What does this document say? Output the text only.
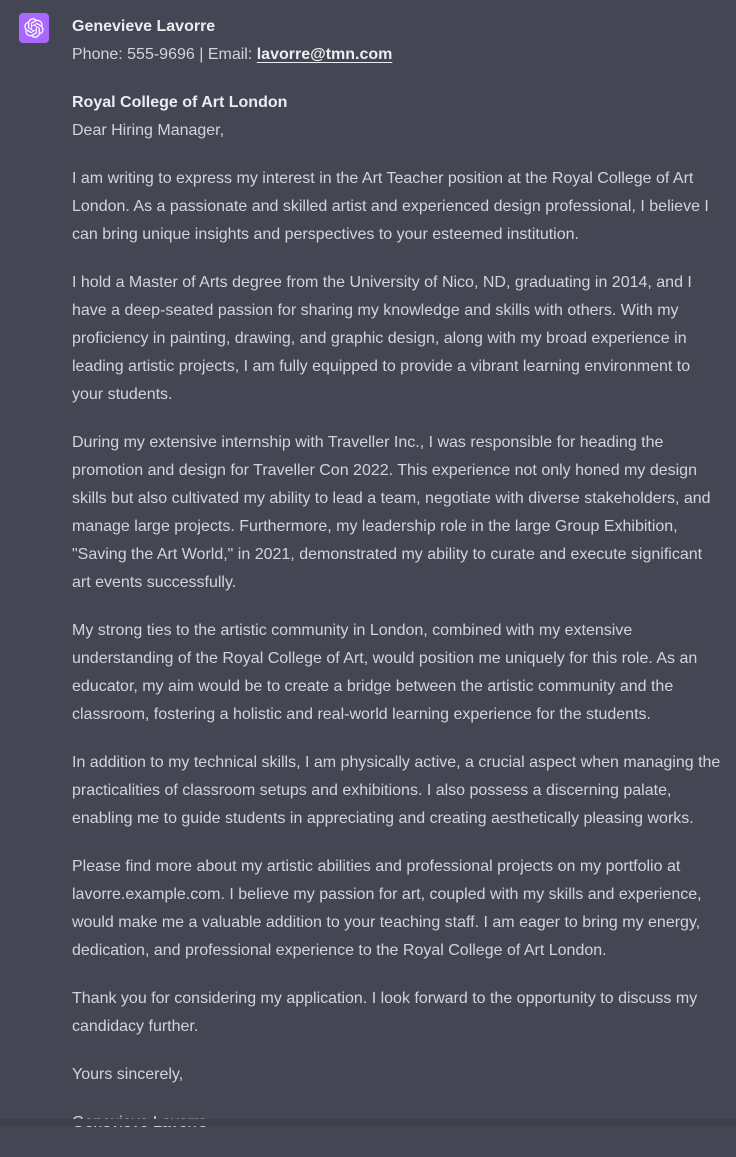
Genevieve Lavorre
Phone: 555-9696 | Email: lavorre@tmn.com

Royal College of Art London
Dear Hiring Manager,

I am writing to express my interest in the Art Teacher position at the Royal College of Art London. As a passionate and skilled artist and experienced design professional, I believe I can bring unique insights and perspectives to your esteemed institution.

I hold a Master of Arts degree from the University of Nico, ND, graduating in 2014, and I have a deep-seated passion for sharing my knowledge and skills with others. With my proficiency in painting, drawing, and graphic design, along with my broad experience in leading artistic projects, I am fully equipped to provide a vibrant learning environment to your students.

During my extensive internship with Traveller Inc., I was responsible for heading the promotion and design for Traveller Con 2022. This experience not only honed my design skills but also cultivated my ability to lead a team, negotiate with diverse stakeholders, and manage large projects. Furthermore, my leadership role in the large Group Exhibition, "Saving the Art World," in 2021, demonstrated my ability to curate and execute significant art events successfully.

My strong ties to the artistic community in London, combined with my extensive understanding of the Royal College of Art, would position me uniquely for this role. As an educator, my aim would be to create a bridge between the artistic community and the classroom, fostering a holistic and real-world learning experience for the students.

In addition to my technical skills, I am physically active, a crucial aspect when managing the practicalities of classroom setups and exhibitions. I also possess a discerning palate, enabling me to guide students in appreciating and creating aesthetically pleasing works.

Please find more about my artistic abilities and professional projects on my portfolio at lavorre.example.com. I believe my passion for art, coupled with my skills and experience, would make me a valuable addition to your teaching staff. I am eager to bring my energy, dedication, and professional experience to the Royal College of Art London.

Thank you for considering my application. I look forward to the opportunity to discuss my candidacy further.

Yours sincerely,
